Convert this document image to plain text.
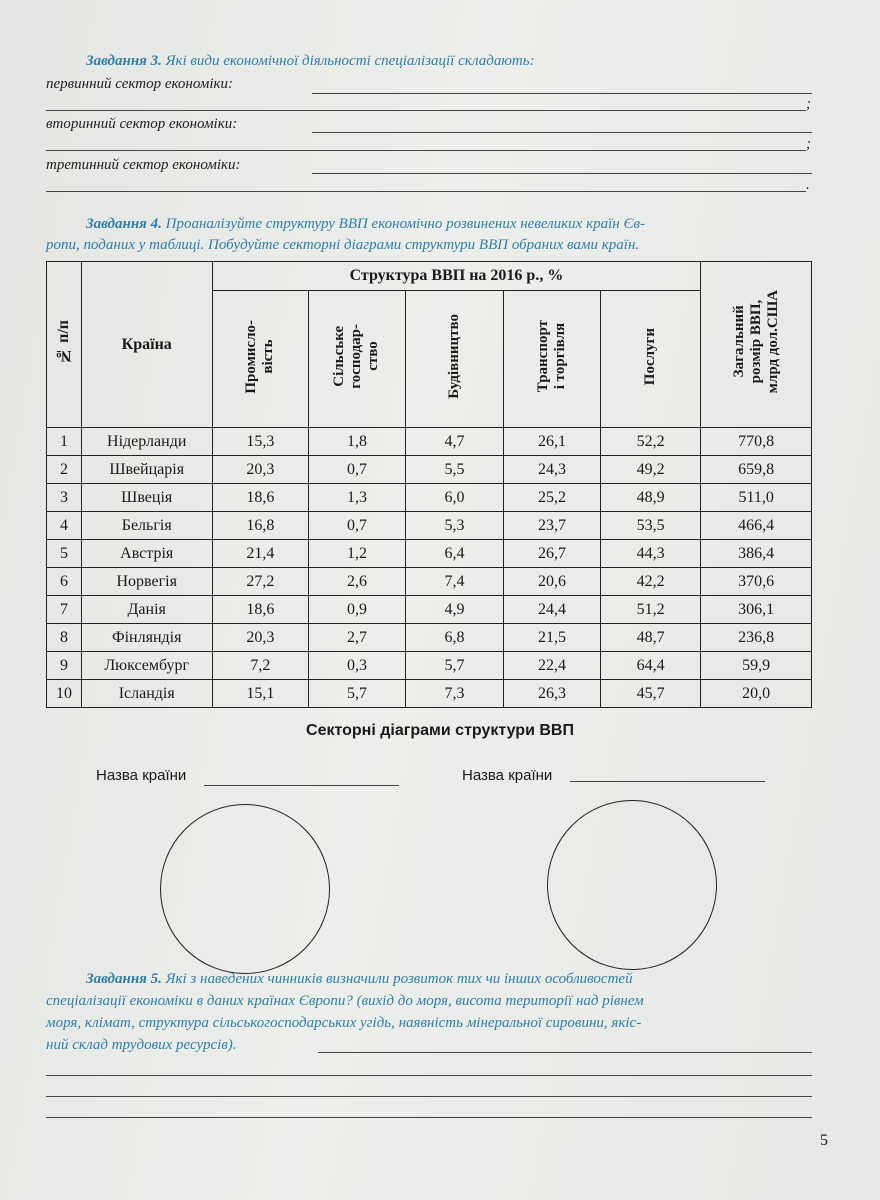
Завдання 3. Які види економічної діяльності спеціалізації складають:
первинний сектор економіки:
;
вторинний сектор економіки:
;
третинний сектор економіки:
.
Завдання 4. Проаналізуйте структуру ВВП економічно розвинених невеликих країн Єв-
ропи, поданих у таблиці. Побудуйте секторні діаграми структури ВВП обраних вами країн.
№ п/п	Країна	Структура ВВП на 2016 р., %					Загальний
розмір ВВП,
млрд дол.США
		Промисло-
вість	Сільське
господар-
ство	Будівництво	Транспорт
і торгівля	Послуги	
1	Нідерланди	15,3	1,8	4,7	26,1	52,2	770,8
2	Швейцарія	20,3	0,7	5,5	24,3	49,2	659,8
3	Швеція	18,6	1,3	6,0	25,2	48,9	511,0
4	Бельгія	16,8	0,7	5,3	23,7	53,5	466,4
5	Австрія	21,4	1,2	6,4	26,7	44,3	386,4
6	Норвегія	27,2	2,6	7,4	20,6	42,2	370,6
7	Данія	18,6	0,9	4,9	24,4	51,2	306,1
8	Фінляндія	20,3	2,7	6,8	21,5	48,7	236,8
9	Люксембург	7,2	0,3	5,7	22,4	64,4	59,9
10	Ісландія	15,1	5,7	7,3	26,3	45,7	20,0
Секторні діаграми структури ВВП
Назва країни	Назва країни
Завдання 5. Які з наведених чинників визначили розвиток тих чи інших особливостей
спеціалізації економіки в даних країнах Європи? (вихід до моря, висота території над рівнем
моря, клімат, структура сільськогосподарських угідь, наявність мінеральної сировини, якіс-
ний склад трудових ресурсів).
5
